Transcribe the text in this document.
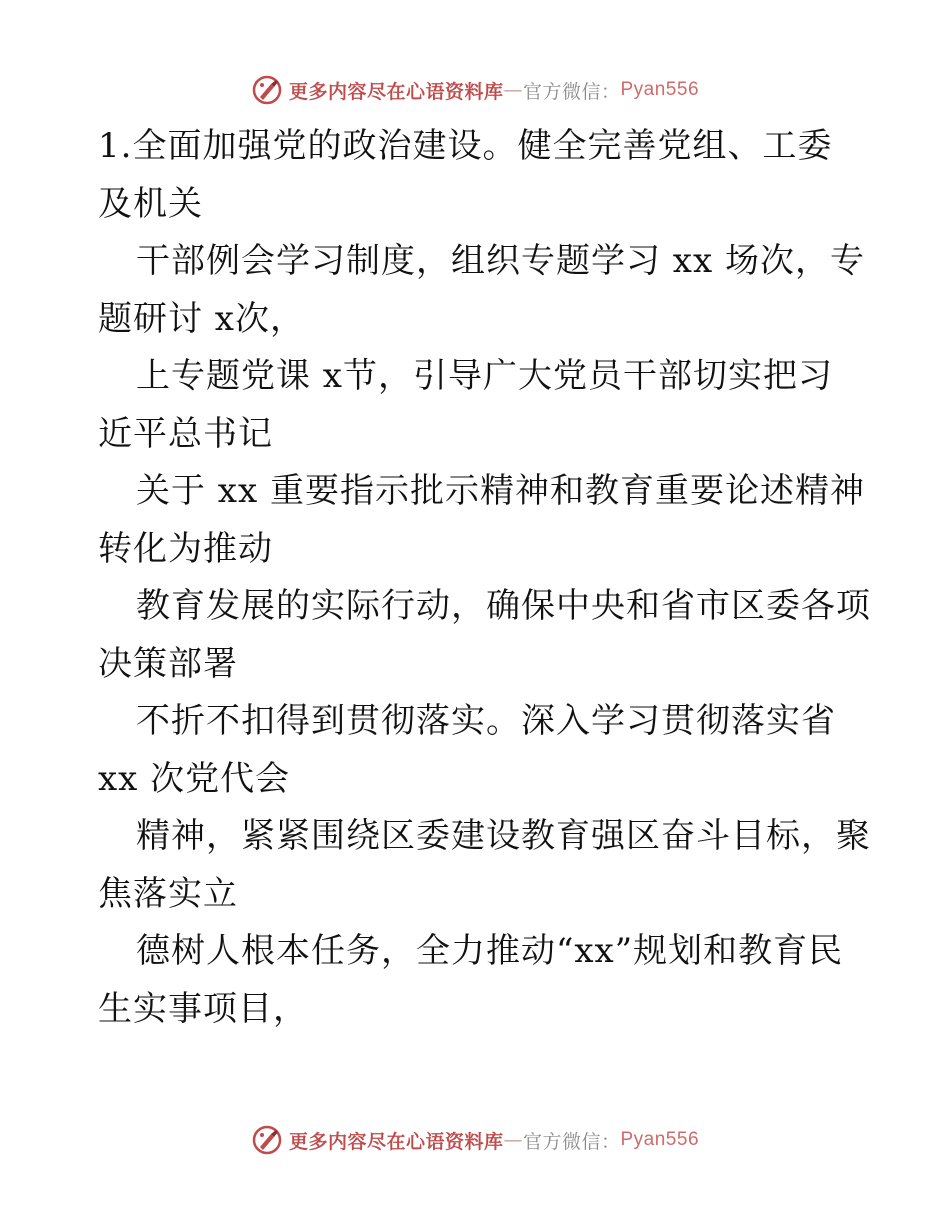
更多内容尽在心语资料库 — 官方微信： Pyan556
1.全面加强党的政治建设。健全完善党组、工委
及机关
干部例会学习制度，组织专题学习 xx 场次，专
题研讨 x次，
上专题党课 x节，引导广大党员干部切实把习
近平总书记
关于 xx 重要指示批示精神和教育重要论述精神
转化为推动
教育发展的实际行动，确保中央和省市区委各项
决策部署
不折不扣得到贯彻落实。深入学习贯彻落实省
xx 次党代会
精神，紧紧围绕区委建设教育强区奋斗目标，聚
焦落实立
德树人根本任务，全力推动“xx”规划和教育民
生实事项目，
更多内容尽在心语资料库 — 官方微信： Pyan556
